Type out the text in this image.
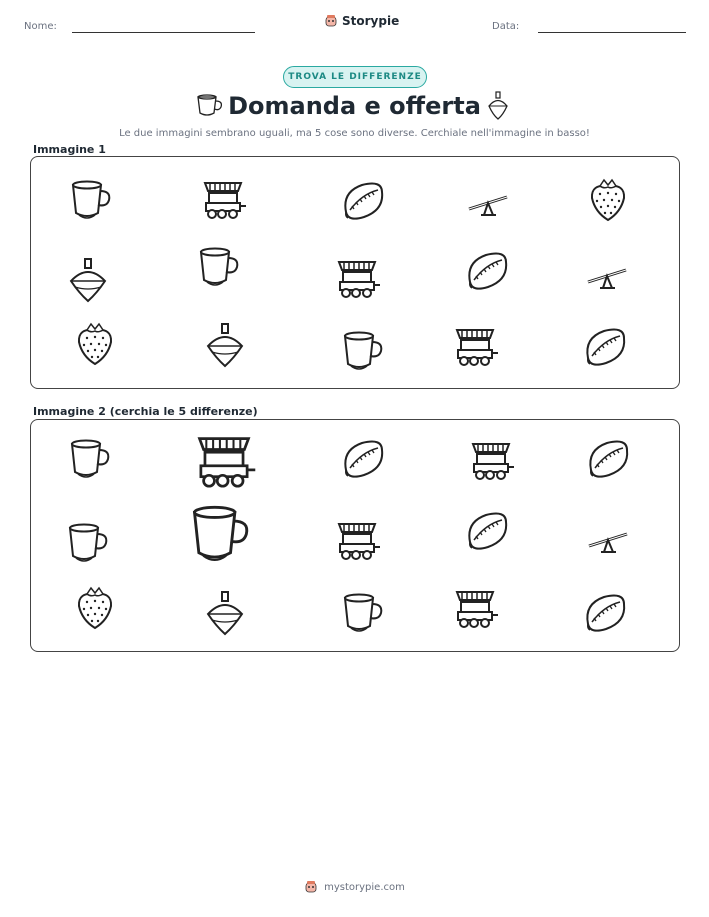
Nome:	Storypie	Data:
TROVA LE DIFFERENZE
Domanda e offerta
Le due immagini sembrano uguali, ma 5 cose sono diverse. Cerchiale nell'immagine in basso!
Immagine 1
Immagine 2 (cerchia le 5 differenze)
mystorypie.com
